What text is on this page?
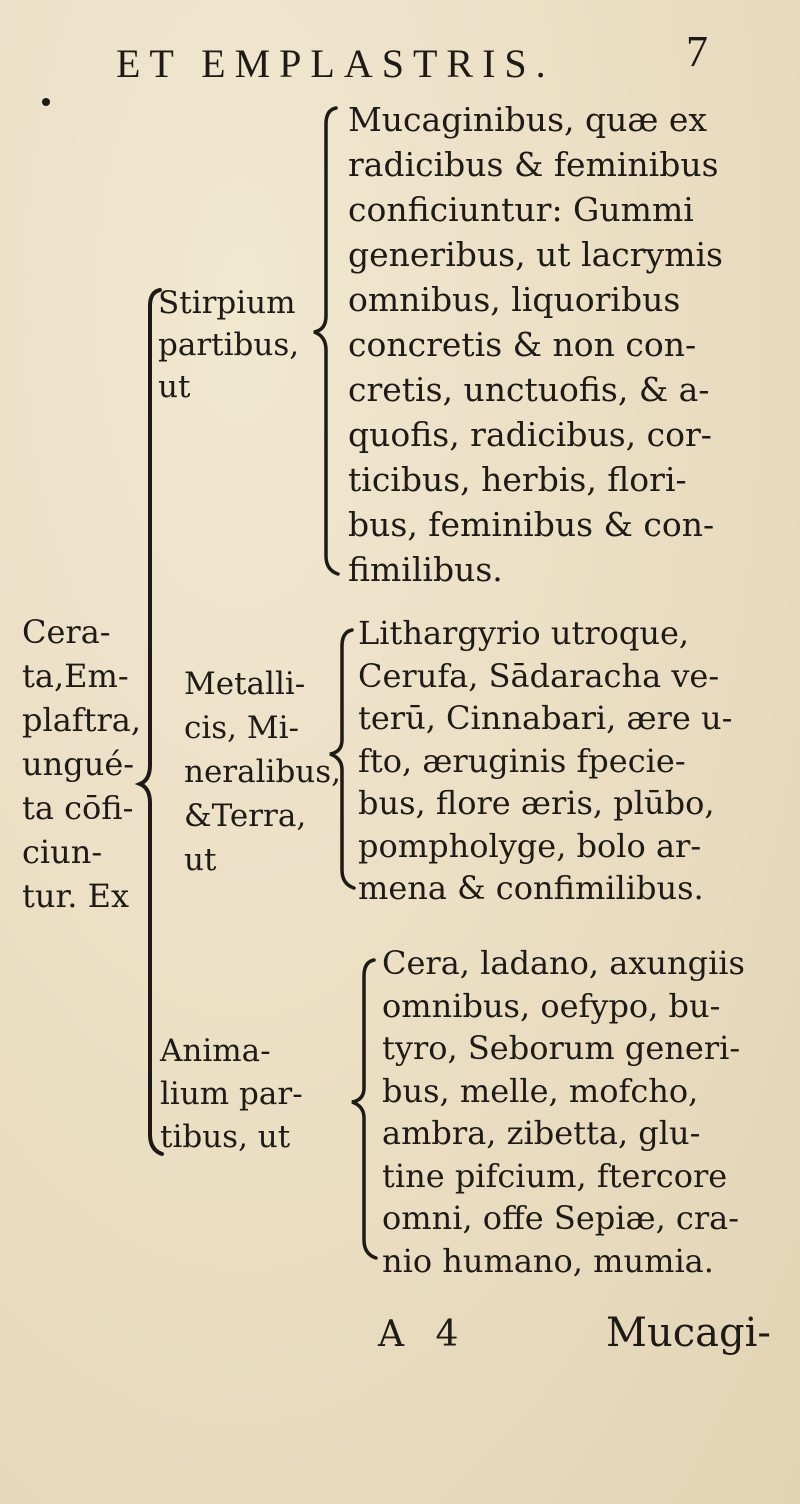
ET EMPLASTRIS.	7
Cera-
ta,Em-
plaftra,
ungué-
ta cōfi-
ciun-
tur. Ex
Stirpium
partibus,
ut
Mucaginibus, quæ ex
radicibus & feminibus
conficiuntur: Gummi
generibus, ut lacrymis
omnibus, liquoribus
concretis & non con-
cretis, unctuofis, & a-
quofis, radicibus, cor-
ticibus, herbis, flori-
bus, feminibus & con-
fimilibus.
Metalli-
cis, Mi-
neralibus,
&Terra,
ut
Lithargyrio utroque,
Cerufa, Sādaracha ve-
terū, Cinnabari, ære u-
fto, æruginis fpecie-
bus, flore æris, plūbo,
pompholyge, bolo ar-
mena & confimilibus.
Anima-
lium par-
tibus, ut
Cera, ladano, axungiis
omnibus, oefypo, bu-
tyro, Seborum generi-
bus, melle, mofcho,
ambra, zibetta, glu-
tine pifcium, ftercore
omni, offe Sepiæ, cra-
nio humano, mumia.
A 4	Mucagi-
